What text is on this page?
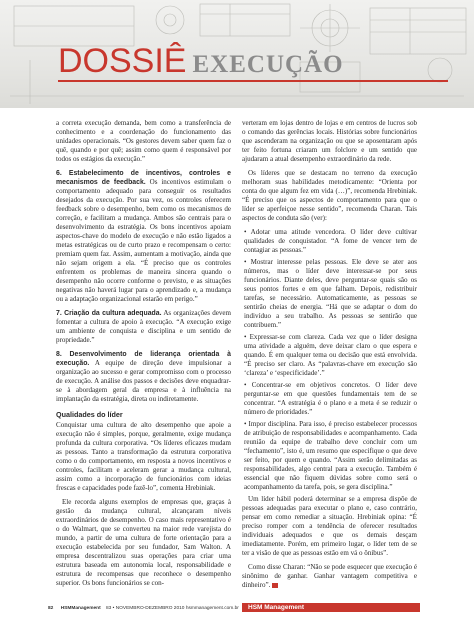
DOSSIÊ EXECUÇÃO

a correta execução demanda, bem como a transferência de conhecimento e a coordenação do funcionamento das unidades operacionais. “Os gestores devem saber quem faz o quê, quando e por quê; assim como quem é responsável por todos os estágios da execução.”

6. Estabelecimento de incentivos, controles e mecanismos de feedback. Os incentivos estimulam o comportamento adequado para conseguir os resultados desejados da execução. Por sua vez, os controles oferecem feedback sobre o desempenho, bem como os mecanismos de correção, e facilitam a mudança. Ambos são centrais para o desenvolvimento da estratégia. Os bons incentivos apoiam aspectos-chave do modelo de execução e não estão ligados a metas estratégicas ou de curto prazo e recompensam o certo: premiam quem faz. Assim, aumentam a motivação, ainda que não sejam origem a ela. “É preciso que os controles enfrentem os problemas de maneira sincera quando o desempenho não ocorre conforme o previsto, e as situações negativas não haverá lugar para o aprendizado e, a mudança ou a adaptação organizacional estarão em perigo.”

7. Criação da cultura adequada. As organizações devem fomentar a cultura de apoio à execução. “A execução exige um ambiente de conquista e disciplina e um sentido de propriedade.”

8. Desenvolvimento de liderança orientada à execução. A equipe de direção deve impulsionar a organização ao sucesso e gerar compromisso com o processo de execução. A análise dos passos e decisões deve enquadrar-se à abordagem geral da empresa e à influência na implantação da estratégia, direta ou indiretamente.

Qualidades do líder

Conquistar uma cultura de alto desempenho que apoie a execução não é simples, porque, geralmente, exige mudança profunda da cultura corporativa. “Os líderes eficazes mudam as pessoas. Tanto a transformação da estrutura corporativa como o do comportamento, em resposta a novos incentivos e controles, facilitam e aceleram gerar a mudança cultural, assim como a incorporação de funcionários com ideias frescas e capacidades pode fazê-lo”, comenta Hrebiniak.

Ele recorda alguns exemplos de empresas que, graças à gestão da mudança cultural, alcançaram níveis extraordinários de desempenho. O caso mais representativo é o do Walmart, que se converteu na maior rede varejista do mundo, a partir de uma cultura de forte orientação para a execução estabelecida por seu fundador, Sam Walton. A empresa descentralizou suas operações para criar uma estrutura baseada em autonomia local, responsabilidade e estrutura de recompensas que reconhece o desempenho superior. Os bons funcionários se con-

verteram em lojas dentro de lojas e em centros de lucros sob o comando das gerências locais. Histórias sobre funcionários que ascenderam na organização ou que se aposentaram após ter feito fortuna criaram um folclore e um sentido que ajudaram a atual desempenho extraordinário da rede.

Os líderes que se destacam no terreno da execução melhoram suas habilidades metodicamente: “Orienta por conta do que algum fez em vida (…)”, recomenda Hrebiniak. “É preciso que os aspectos de comportamento para que o líder se aperfeiçoe nesse sentido”, recomenda Charan. Tais aspectos de conduta são (ver):

• Adotar uma atitude vencedora. O líder deve cultivar qualidades de conquistador. “A fome de vencer tem de contagiar as pessoas.”

• Mostrar interesse pelas pessoas. Ele deve se ater aos números, mas o líder deve interessar-se por seus funcionários. Diante deles, deve perguntar-se quais são os seus pontos fortes e em que falham. Depois, redistribuir tarefas, se necessário. Automaticamente, as pessoas se sentirão cheias de energia. “Há que se adaptar o dom do indivíduo a seu trabalho. As pessoas se sentirão que contribuem.”

• Expressar-se com clareza. Cada vez que o líder designa uma atividade a alguém, deve deixar claro o que espera e quando. É em qualquer tema ou decisão que está envolvida. “É preciso ser claro. As “palavras-chave em execução são ‘clareza’ e ‘especificidade’.”

• Concentrar-se em objetivos concretos. O líder deve perguntar-se em que questões fundamentais tem de se concentrar. “A estratégia é o plano e a meta é se reduzir o número de prioridades.”

• Impor disciplina. Para isso, é preciso estabelecer processos de atribuição de responsabilidades e acompanhamento. Cada reunião da equipe de trabalho deve concluir com um “fechamento”, isto é, um resumo que especifique o que deve ser feito, por quem e quando. “Assim serão delimitadas as responsabilidades, algo central para a execução. Também é essencial que não fiquem dúvidas sobre como será o acompanhamento da tarefa, pois, se gera disciplina.”

Um líder hábil poderá determinar se a empresa dispõe de pessoas adequadas para executar o plano e, caso contrário, pensar em como remediar a situação. Hrebiniak opina: “É preciso romper com a tendência de oferecer resultados individuais adequados e que os demais desçam imediatamente. Porém, em primeiro lugar, o líder tem de se ter a visão de que as pessoas estão em vá o ônibus”.

Como disse Charan: “Não se pode esquecer que execução é sinônimo de ganhar. Ganhar vantagem competitiva e dinheiro”.

HSM Management
82 HSMManagement 83 • NOVEMBRO-DEZEMBRO 2010 hsmmanagement.com.br
